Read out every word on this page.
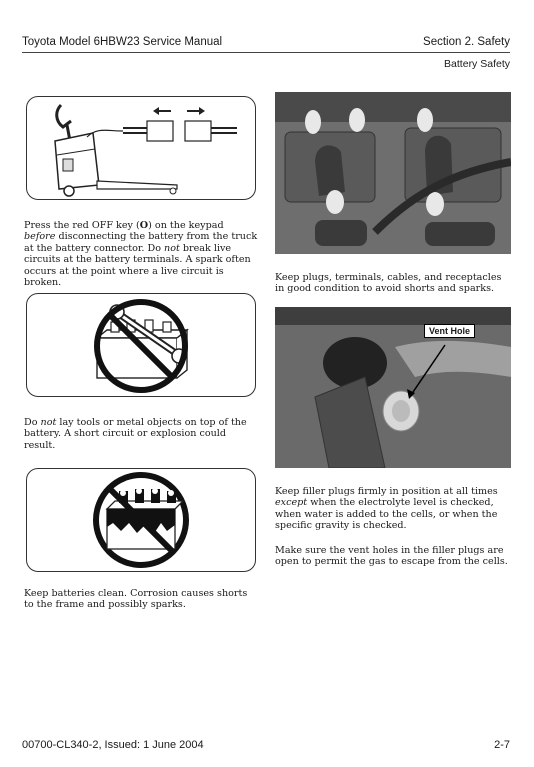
Toyota Model 6HBW23 Service Manual	Section 2. Safety
Battery Safety
Press the red OFF key (O) on the keypad before disconnecting the battery from the truck at the battery connector. Do not break live circuits at the battery terminals. A spark often occurs at the point where a live circuit is broken.
Do not lay tools or metal objects on top of the battery. A short circuit or explosion could result.
Keep batteries clean. Corrosion causes shorts to the frame and possibly sparks.
Keep plugs, terminals, cables, and receptacles in good condition to avoid shorts and sparks.
Vent Hole
Keep filler plugs firmly in position at all times except when the electrolyte level is checked, when water is added to the cells, or when the specific gravity is checked.
Make sure the vent holes in the filler plugs are open to permit the gas to escape from the cells.
00700-CL340-2, Issued: 1 June 2004	2-7
